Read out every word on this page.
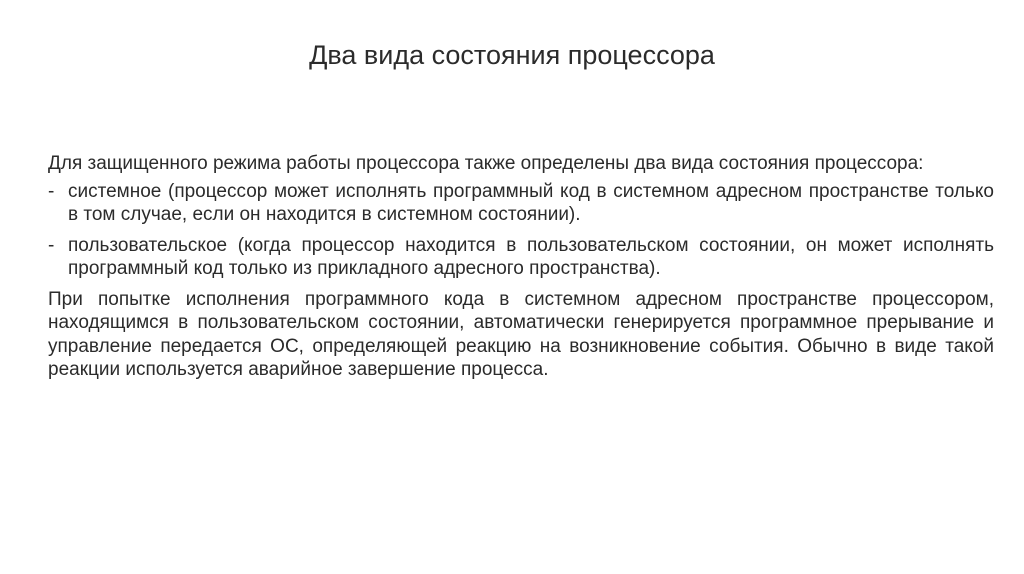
Два вида состояния процессора

Для защищенного режима работы процессора также определены два вида состояния процессора:

- системное (процессор может исполнять программный код в системном адресном пространстве только в том случае, если он находится в системном состоянии).
- пользовательское (когда процессор находится в пользовательском состоянии, он может исполнять программный код только из прикладного адресного пространства).

При попытке исполнения программного кода в системном адресном пространстве процессором, находящимся в пользовательском состоянии, автоматически генерируется программное прерывание и управление передается ОС, определяющей реакцию на возникновение события. Обычно в виде такой реакции используется аварийное завершение процесса.
